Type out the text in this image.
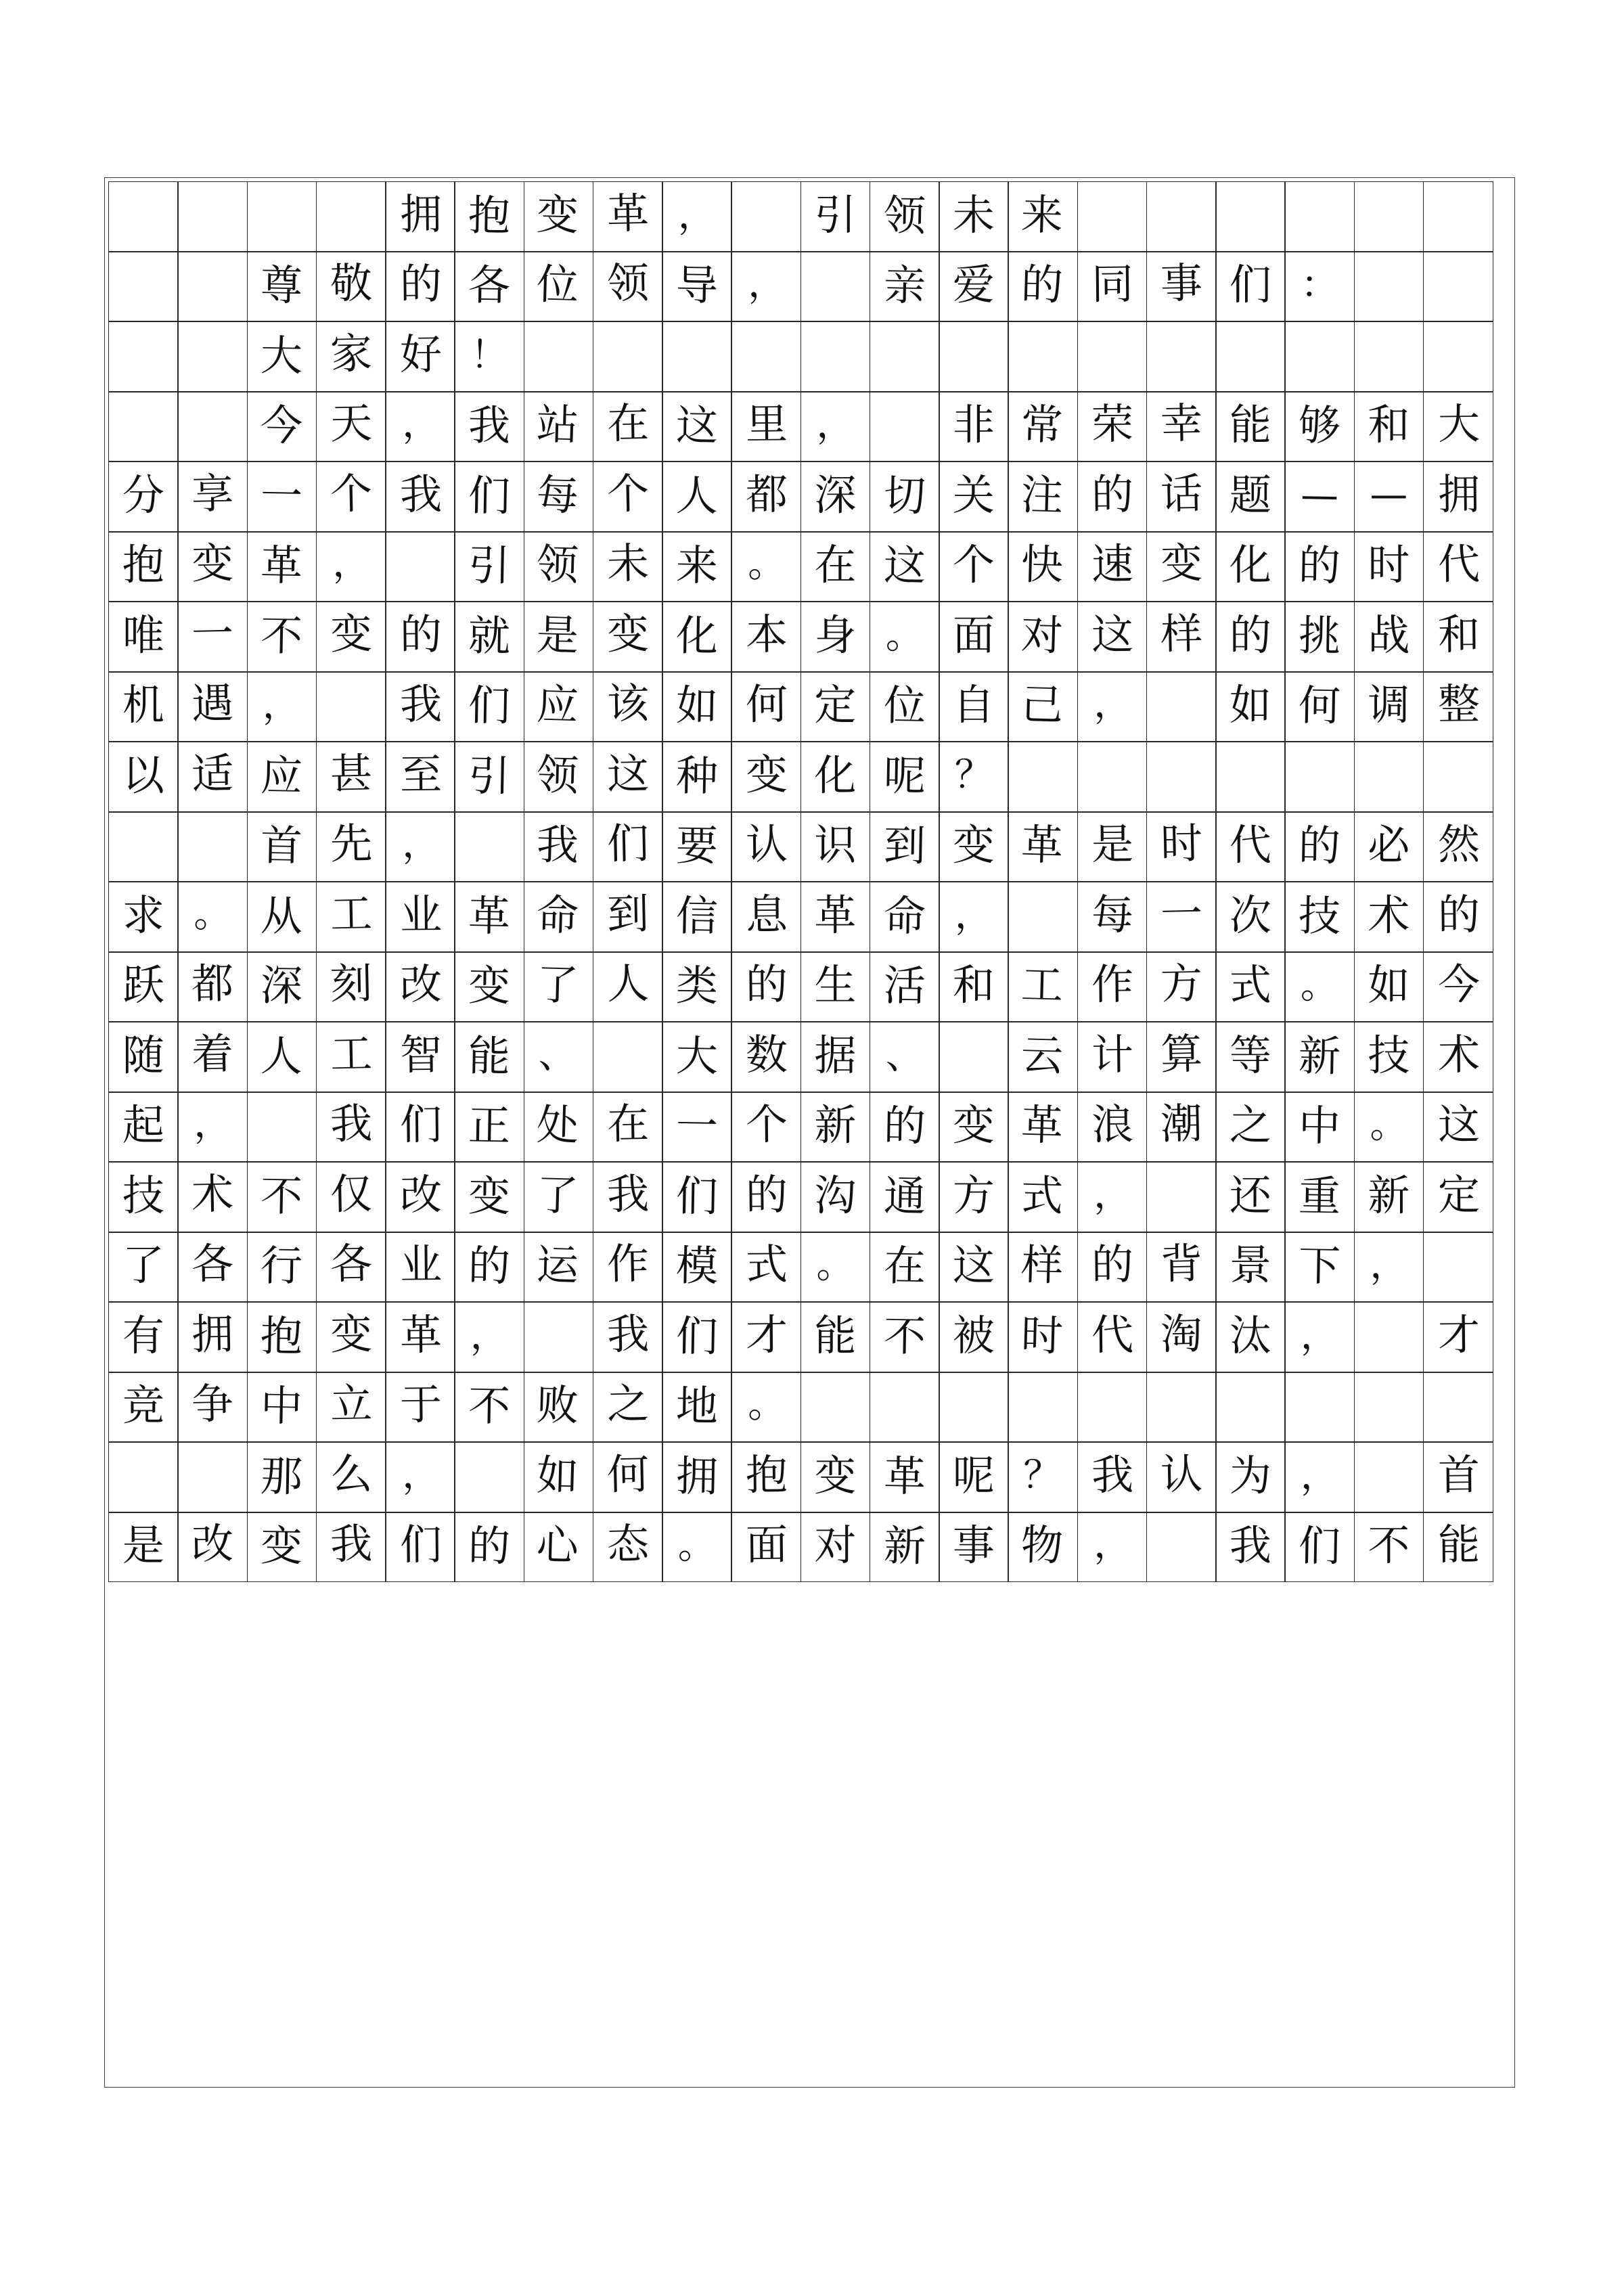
拥 抱 变 革 ， 引 领 未 来
尊 敬 的 各 位 领 导 ， 亲 爱 的 同 事 们 ：
大 家 好 ！
今 天 ， 我 站 在 这 里 ， 非 常 荣 幸 能 够 和 大
分 享 一 个 我 们 每 个 人 都 深 切 关 注 的 话 题 — — 拥
抱 变 革 ， 引 领 未 来 。 在 这 个 快 速 变 化 的 时 代
唯 一 不 变 的 就 是 变 化 本 身 。 面 对 这 样 的 挑 战 和
机 遇 ， 我 们 应 该 如 何 定 位 自 己 ， 如 何 调 整
以 适 应 甚 至 引 领 这 种 变 化 呢 ？
首 先 ， 我 们 要 认 识 到 变 革 是 时 代 的 必 然
求 。 从 工 业 革 命 到 信 息 革 命 ， 每 一 次 技 术 的
跃 都 深 刻 改 变 了 人 类 的 生 活 和 工 作 方 式 。 如 今
随 着 人 工 智 能 、 大 数 据 、 云 计 算 等 新 技 术
起 ， 我 们 正 处 在 一 个 新 的 变 革 浪 潮 之 中 。 这
技 术 不 仅 改 变 了 我 们 的 沟 通 方 式 ， 还 重 新 定
了 各 行 各 业 的 运 作 模 式 。 在 这 样 的 背 景 下 ，
有 拥 抱 变 革 ， 我 们 才 能 不 被 时 代 淘 汰 ， 才
竞 争 中 立 于 不 败 之 地 。
那 么 ， 如 何 拥 抱 变 革 呢 ？ 我 认 为 ， 首
是 改 变 我 们 的 心 态 。 面 对 新 事 物 ， 我 们 不 能
